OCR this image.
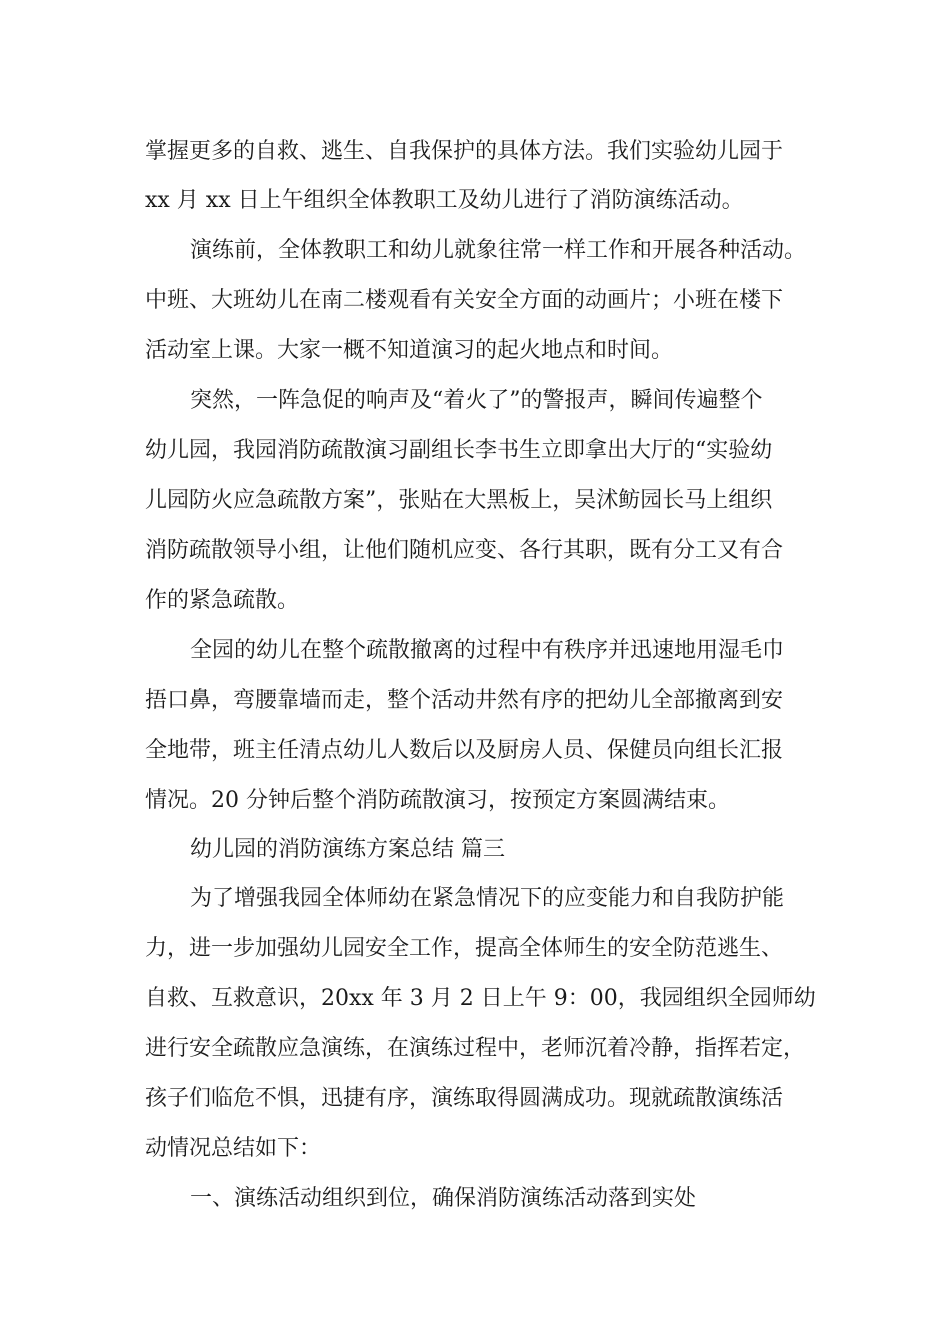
掌握更多的自救、逃生、自我保护的具体方法。我们实验幼儿园于

xx 月 xx 日上午组织全体教职工及幼儿进行了消防演练活动。

演练前，全体教职工和幼儿就象往常一样工作和开展各种活动。

中班、大班幼儿在南二楼观看有关安全方面的动画片；小班在楼下

活动室上课。大家一概不知道演习的起火地点和时间。

突然，一阵急促的响声及“着火了”的警报声，瞬间传遍整个

幼儿园，我园消防疏散演习副组长李书生立即拿出大厅的“实验幼

儿园防火应急疏散方案”，张贴在大黑板上，吴沭鲂园长马上组织

消防疏散领导小组，让他们随机应变、各行其职，既有分工又有合

作的紧急疏散。

全园的幼儿在整个疏散撤离的过程中有秩序并迅速地用湿毛巾

捂口鼻，弯腰靠墙而走，整个活动井然有序的把幼儿全部撤离到安

全地带，班主任清点幼儿人数后以及厨房人员、保健员向组长汇报

情况。20 分钟后整个消防疏散演习，按预定方案圆满结束。

幼儿园的消防演练方案总结 篇三

为了增强我园全体师幼在紧急情况下的应变能力和自我防护能

力，进一步加强幼儿园安全工作，提高全体师生的安全防范逃生、

自救、互救意识，20xx 年 3 月 2 日上午 9：00，我园组织全园师幼

进行安全疏散应急演练，在演练过程中，老师沉着冷静，指挥若定，

孩子们临危不惧，迅捷有序，演练取得圆满成功。现就疏散演练活

动情况总结如下：

一、演练活动组织到位，确保消防演练活动落到实处
